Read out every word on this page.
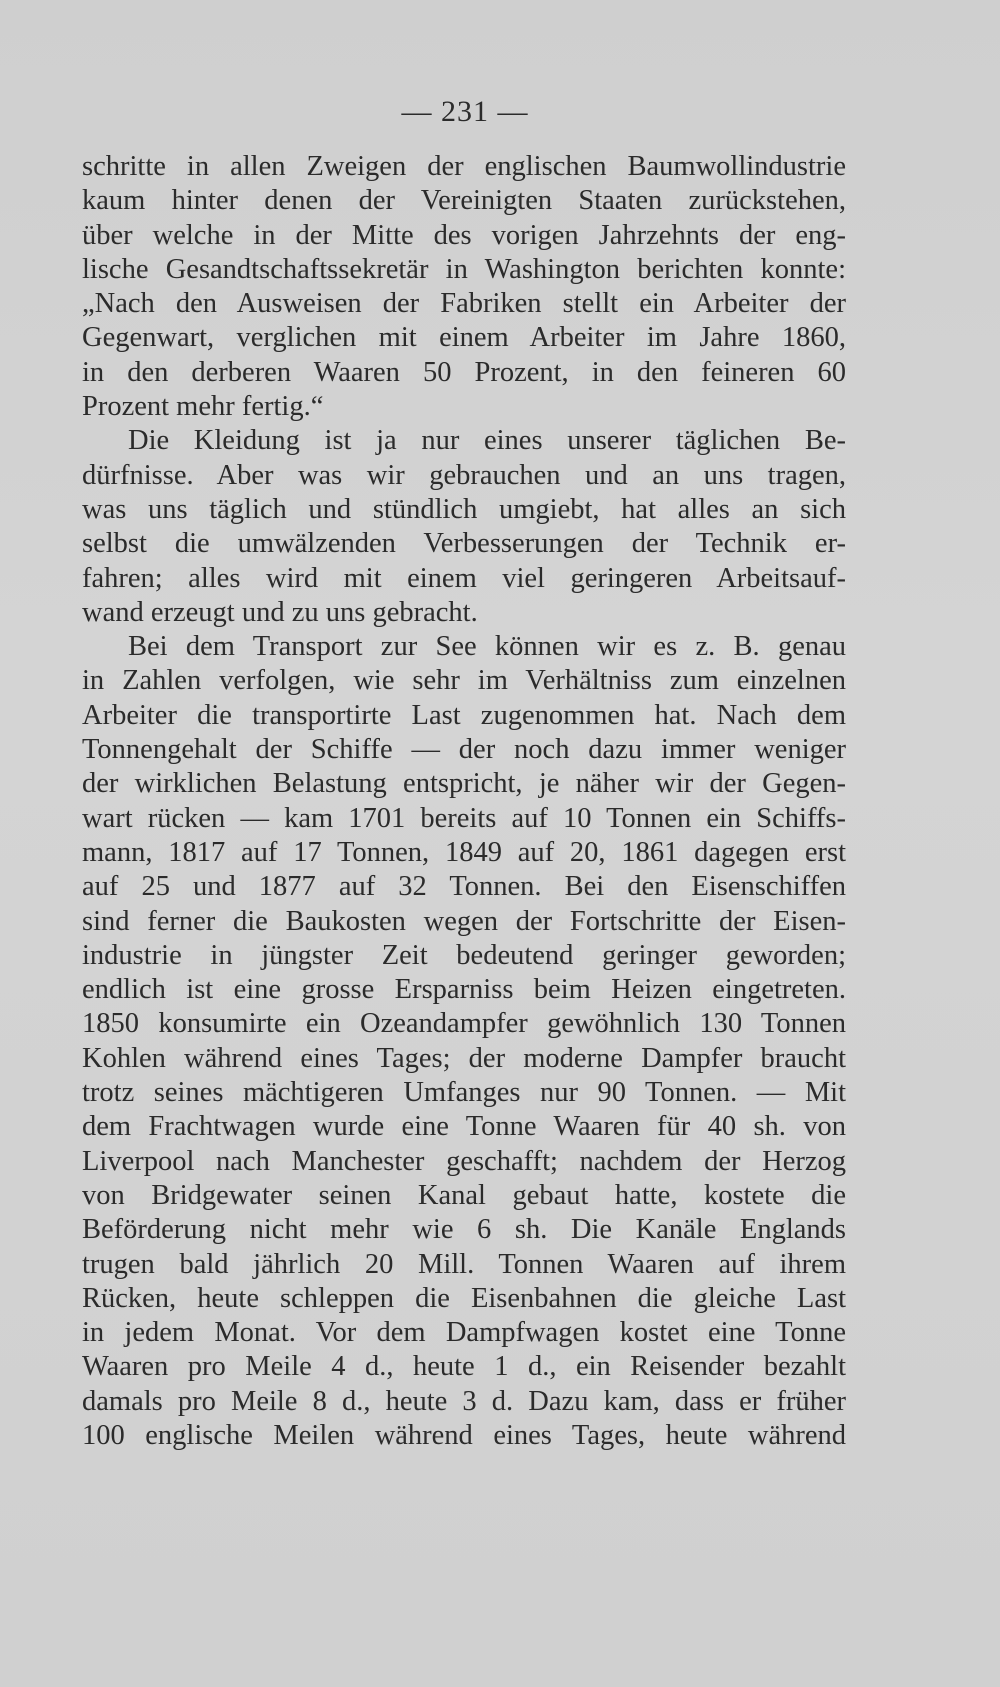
— 231 —
schritte in allen Zweigen der englischen Baumwollindustrie
kaum hinter denen der Vereinigten Staaten zurückstehen,
über welche in der Mitte des vorigen Jahrzehnts der eng-
lische Gesandtschaftssekretär in Washington berichten konnte:
„Nach den Ausweisen der Fabriken stellt ein Arbeiter der
Gegenwart, verglichen mit einem Arbeiter im Jahre 1860,
in den derberen Waaren 50 Prozent, in den feineren 60
Prozent mehr fertig.“
Die Kleidung ist ja nur eines unserer täglichen Be-
dürfnisse. Aber was wir gebrauchen und an uns tragen,
was uns täglich und stündlich umgiebt, hat alles an sich
selbst die umwälzenden Verbesserungen der Technik er-
fahren; alles wird mit einem viel geringeren Arbeitsauf-
wand erzeugt und zu uns gebracht.
Bei dem Transport zur See können wir es z. B. genau
in Zahlen verfolgen, wie sehr im Verhältniss zum einzelnen
Arbeiter die transportirte Last zugenommen hat. Nach dem
Tonnengehalt der Schiffe — der noch dazu immer weniger
der wirklichen Belastung entspricht, je näher wir der Gegen-
wart rücken — kam 1701 bereits auf 10 Tonnen ein Schiffs-
mann, 1817 auf 17 Tonnen, 1849 auf 20, 1861 dagegen erst
auf 25 und 1877 auf 32 Tonnen. Bei den Eisenschiffen
sind ferner die Baukosten wegen der Fortschritte der Eisen-
industrie in jüngster Zeit bedeutend geringer geworden;
endlich ist eine grosse Ersparniss beim Heizen eingetreten.
1850 konsumirte ein Ozeandampfer gewöhnlich 130 Tonnen
Kohlen während eines Tages; der moderne Dampfer braucht
trotz seines mächtigeren Umfanges nur 90 Tonnen. — Mit
dem Frachtwagen wurde eine Tonne Waaren für 40 sh. von
Liverpool nach Manchester geschafft; nachdem der Herzog
von Bridgewater seinen Kanal gebaut hatte, kostete die
Beförderung nicht mehr wie 6 sh. Die Kanäle Englands
trugen bald jährlich 20 Mill. Tonnen Waaren auf ihrem
Rücken, heute schleppen die Eisenbahnen die gleiche Last
in jedem Monat. Vor dem Dampfwagen kostet eine Tonne
Waaren pro Meile 4 d., heute 1 d., ein Reisender bezahlt
damals pro Meile 8 d., heute 3 d. Dazu kam, dass er früher
100 englische Meilen während eines Tages, heute während
